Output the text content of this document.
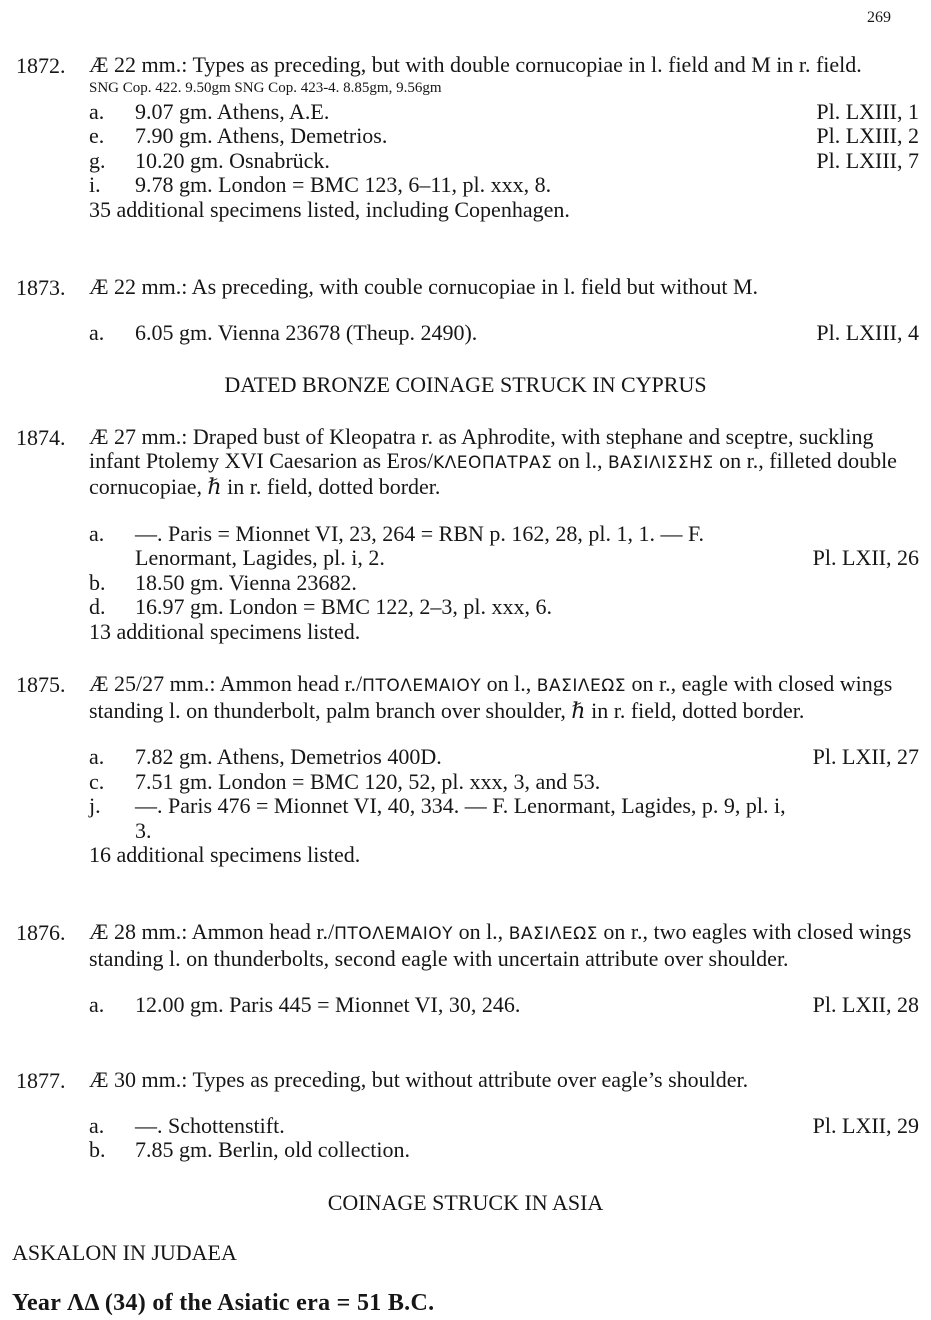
269
1872. Æ 22 mm.: Types as preceding, but with double cornucopiae in l. field and M in r. field.
SNG Cop. 422. 9.50gm SNG Cop. 423-4. 8.85gm, 9.56gm
a. 9.07 gm. Athens, A.E.	Pl. LXIII, 1
e. 7.90 gm. Athens, Demetrios.	Pl. LXIII, 2
g. 10.20 gm. Osnabrück.	Pl. LXIII, 7
i. 9.78 gm. London = BMC 123, 6–11, pl. xxx, 8.
35 additional specimens listed, including Copenhagen.
1873. Æ 22 mm.: As preceding, with couble cornucopiae in l. field but without M.
a. 6.05 gm. Vienna 23678 (Theup. 2490).	Pl. LXIII, 4
DATED BRONZE COINAGE STRUCK IN CYPRUS
1874. Æ 27 mm.: Draped bust of Kleopatra r. as Aphrodite, with stephane and sceptre, suckling infant Ptolemy XVI Caesarion as Eros/ΚΛΕΟΠΑΤΡΑΣ on l., ΒΑΣΙΛΙΣΣΗΣ on r., filleted double cornucopiae, ℏ in r. field, dotted border.
a. —. Paris = Mionnet VI, 23, 264 = RBN p. 162, 28, pl. 1, 1. — F.
Lenormant, Lagides, pl. i, 2.	Pl. LXII, 26
b. 18.50 gm. Vienna 23682.
d. 16.97 gm. London = BMC 122, 2–3, pl. xxx, 6.
13 additional specimens listed.
1875. Æ 25/27 mm.: Ammon head r./ΠΤΟΛΕΜΑΙΟΥ on l., ΒΑΣΙΛΕΩΣ on r., eagle with closed wings standing l. on thunderbolt, palm branch over shoulder, ℏ in r. field, dotted border.
a. 7.82 gm. Athens, Demetrios 400D.	Pl. LXII, 27
c. 7.51 gm. London = BMC 120, 52, pl. xxx, 3, and 53.
j. —. Paris 476 = Mionnet VI, 40, 334. — F. Lenormant, Lagides, p. 9, pl. i,
3.
16 additional specimens listed.
1876. Æ 28 mm.: Ammon head r./ΠΤΟΛΕΜΑΙΟΥ on l., ΒΑΣΙΛΕΩΣ on r., two eagles with closed wings standing l. on thunderbolts, second eagle with uncertain attribute over shoulder.
a. 12.00 gm. Paris 445 = Mionnet VI, 30, 246.	Pl. LXII, 28
1877. Æ 30 mm.: Types as preceding, but without attribute over eagle’s shoulder.
a. —. Schottenstift.	Pl. LXII, 29
b. 7.85 gm. Berlin, old collection.
COINAGE STRUCK IN ASIA
ASKALON IN JUDAEA
Year ΛΔ (34) of the Asiatic era = 51 B.C.
